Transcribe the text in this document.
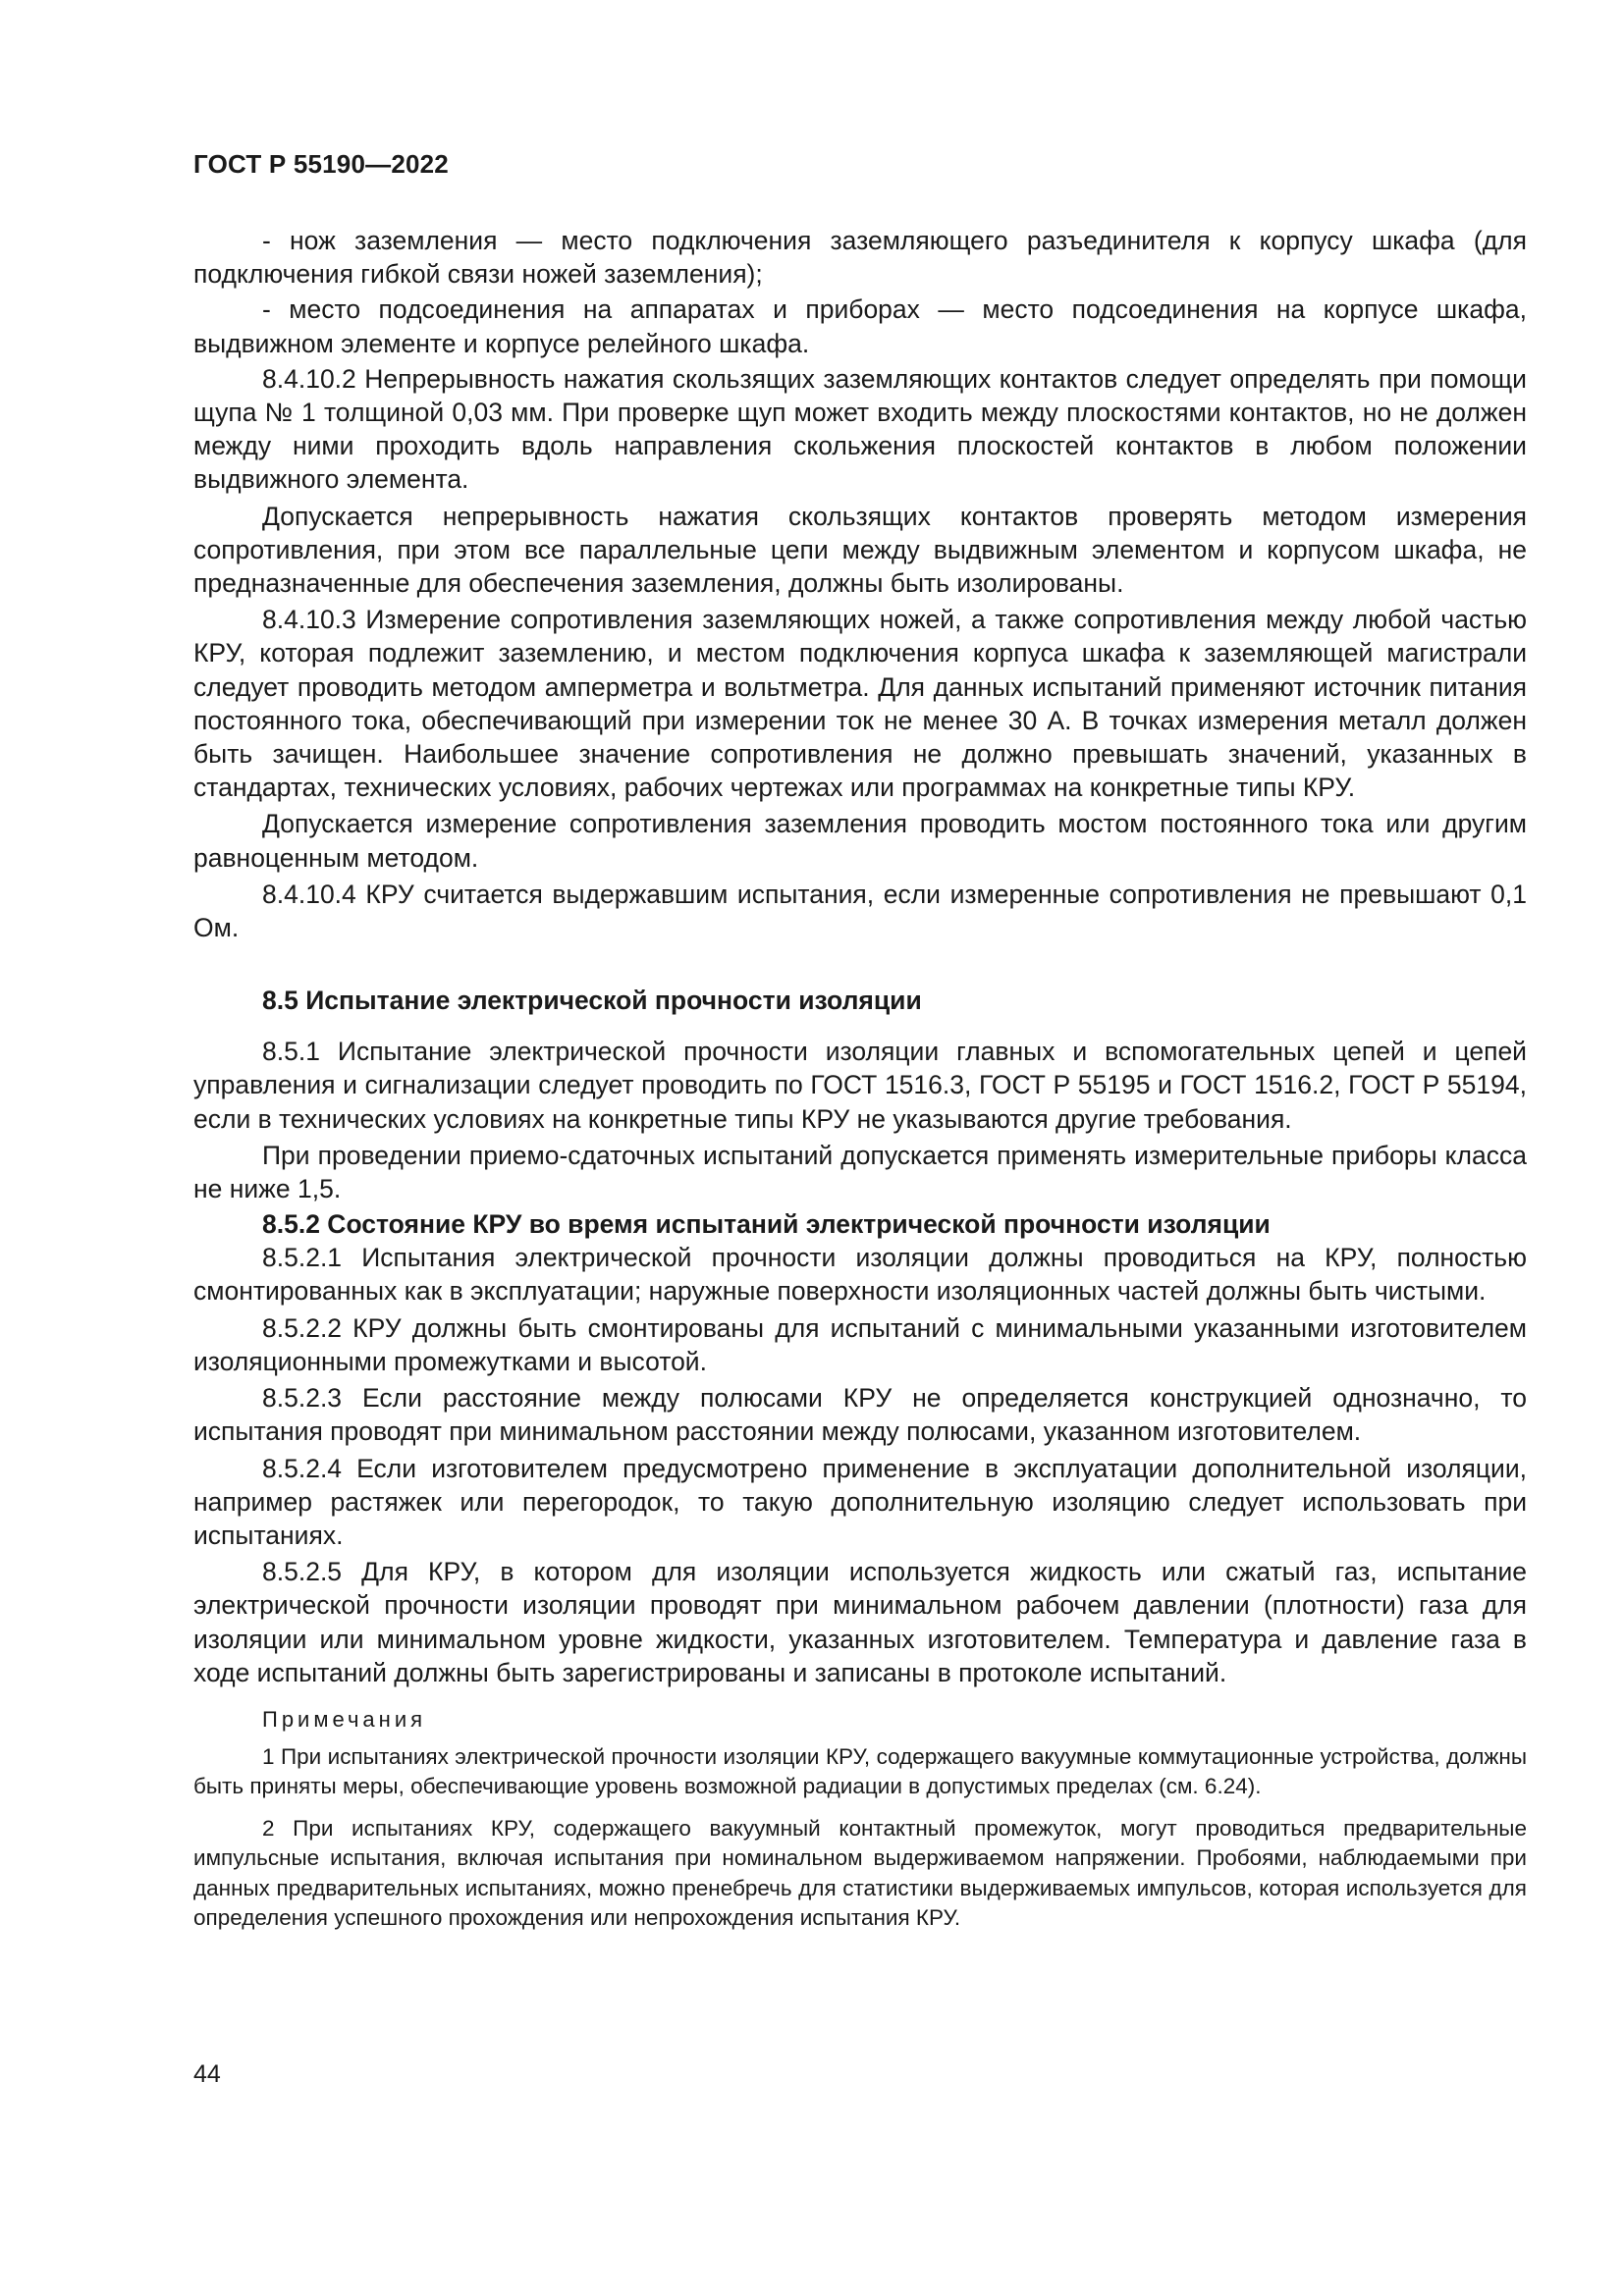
ГОСТ Р 55190—2022

- нож заземления — место подключения заземляющего разъединителя к корпусу шкафа (для подключения гибкой связи ножей заземления);

- место подсоединения на аппаратах и приборах — место подсоединения на корпусе шкафа, выдвижном элементе и корпусе релейного шкафа.

8.4.10.2 Непрерывность нажатия скользящих заземляющих контактов следует определять при помощи щупа № 1 толщиной 0,03 мм. При проверке щуп может входить между плоскостями контактов, но не должен между ними проходить вдоль направления скольжения плоскостей контактов в любом положении выдвижного элемента.

Допускается непрерывность нажатия скользящих контактов проверять методом измерения сопротивления, при этом все параллельные цепи между выдвижным элементом и корпусом шкафа, не предназначенные для обеспечения заземления, должны быть изолированы.

8.4.10.3 Измерение сопротивления заземляющих ножей, а также сопротивления между любой частью КРУ, которая подлежит заземлению, и местом подключения корпуса шкафа к заземляющей магистрали следует проводить методом амперметра и вольтметра. Для данных испытаний применяют источник питания постоянного тока, обеспечивающий при измерении ток не менее 30 А. В точках измерения металл должен быть зачищен. Наибольшее значение сопротивления не должно превышать значений, указанных в стандартах, технических условиях, рабочих чертежах или программах на конкретные типы КРУ.

Допускается измерение сопротивления заземления проводить мостом постоянного тока или другим равноценным методом.

8.4.10.4 КРУ считается выдержавшим испытания, если измеренные сопротивления не превышают 0,1 Ом.

8.5 Испытание электрической прочности изоляции

8.5.1 Испытание электрической прочности изоляции главных и вспомогательных цепей и цепей управления и сигнализации следует проводить по ГОСТ 1516.3, ГОСТ Р 55195 и ГОСТ 1516.2, ГОСТ Р 55194, если в технических условиях на конкретные типы КРУ не указываются другие требования.

При проведении приемо-сдаточных испытаний допускается применять измерительные приборы класса не ниже 1,5.

8.5.2 Состояние КРУ во время испытаний электрической прочности изоляции

8.5.2.1 Испытания электрической прочности изоляции должны проводиться на КРУ, полностью смонтированных как в эксплуатации; наружные поверхности изоляционных частей должны быть чистыми.

8.5.2.2 КРУ должны быть смонтированы для испытаний с минимальными указанными изготовителем изоляционными промежутками и высотой.

8.5.2.3 Если расстояние между полюсами КРУ не определяется конструкцией однозначно, то испытания проводят при минимальном расстоянии между полюсами, указанном изготовителем.

8.5.2.4 Если изготовителем предусмотрено применение в эксплуатации дополнительной изоляции, например растяжек или перегородок, то такую дополнительную изоляцию следует использовать при испытаниях.

8.5.2.5 Для КРУ, в котором для изоляции используется жидкость или сжатый газ, испытание электрической прочности изоляции проводят при минимальном рабочем давлении (плотности) газа для изоляции или минимальном уровне жидкости, указанных изготовителем. Температура и давление газа в ходе испытаний должны быть зарегистрированы и записаны в протоколе испытаний.

Примечания

1 При испытаниях электрической прочности изоляции КРУ, содержащего вакуумные коммутационные устройства, должны быть приняты меры, обеспечивающие уровень возможной радиации в допустимых пределах (см. 6.24).

2 При испытаниях КРУ, содержащего вакуумный контактный промежуток, могут проводиться предварительные импульсные испытания, включая испытания при номинальном выдерживаемом напряжении. Пробоями, наблюдаемыми при данных предварительных испытаниях, можно пренебречь для статистики выдерживаемых импульсов, которая используется для определения успешного прохождения или непрохождения испытания КРУ.

44
